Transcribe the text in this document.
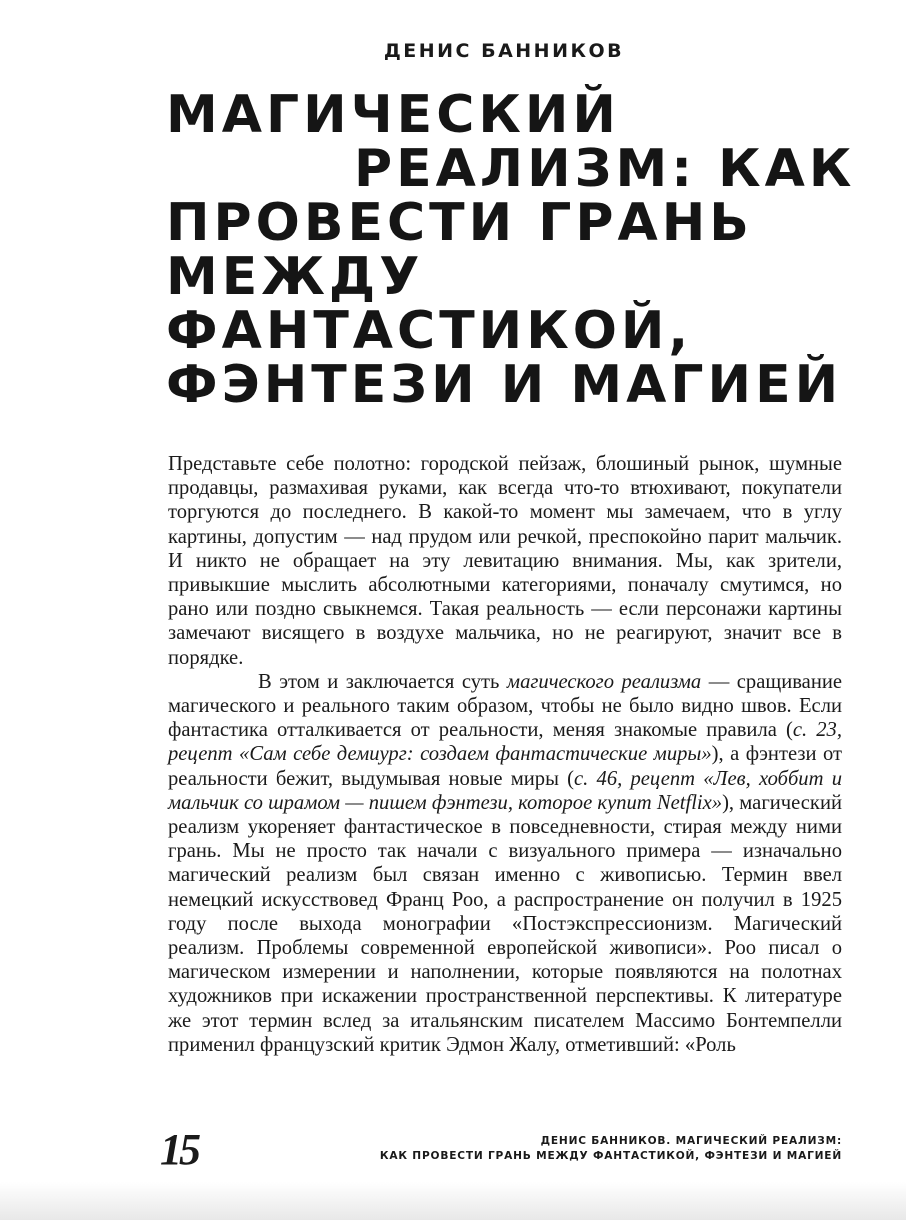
ДЕНИС БАННИКОВ
МАГИЧЕСКИЙ
РЕАЛИЗМ: КАК
ПРОВЕСТИ ГРАНЬ
МЕЖДУ
ФАНТАСТИКОЙ,
ФЭНТЕЗИ И МАГИЕЙ

Представьте себе полотно: городской пейзаж, блошиный рынок, шумные продавцы, размахивая руками, как всегда что-то втюхивают, покупатели торгуются до последнего. В какой-то момент мы замечаем, что в углу картины, допустим — над прудом или речкой, преспокойно парит мальчик. И никто не обращает на эту левитацию внимания. Мы, как зрители, привыкшие мыслить абсолютными категориями, поначалу смутимся, но рано или поздно свыкнемся. Такая реальность — если персонажи картины замечают висящего в воздухе мальчика, но не реагируют, значит все в порядке.

В этом и заключается суть магического реализма — сращивание магического и реального таким образом, чтобы не было видно швов. Если фантастика отталкивается от реальности, меняя знакомые правила (с. 23, рецепт «Сам себе демиург: создаем фантастические миры»), а фэнтези от реальности бежит, выдумывая новые миры (с. 46, рецепт «Лев, хоббит и мальчик со шрамом — пишем фэнтези, которое купит Netflix»), магический реализм укореняет фантастическое в повседневности, стирая между ними грань. Мы не просто так начали с визуального примера — изначально магический реализм был связан именно с живописью. Термин ввел немецкий искусствовед Франц Роо, а распространение он получил в 1925 году после выхода монографии «Постэкспрессионизм. Магический реализм. Проблемы современной европейской живописи». Роо писал о магическом измерении и наполнении, которые появляются на полотнах художников при искажении пространственной перспективы. К литературе же этот термин вслед за итальянским писателем Массимо Бонтемпелли применил французский критик Эдмон Жалу, отметивший: «Роль

15	ДЕНИС БАННИКОВ. МАГИЧЕСКИЙ РЕАЛИЗМ:
КАК ПРОВЕСТИ ГРАНЬ МЕЖДУ ФАНТАСТИКОЙ, ФЭНТЕЗИ И МАГИЕЙ
